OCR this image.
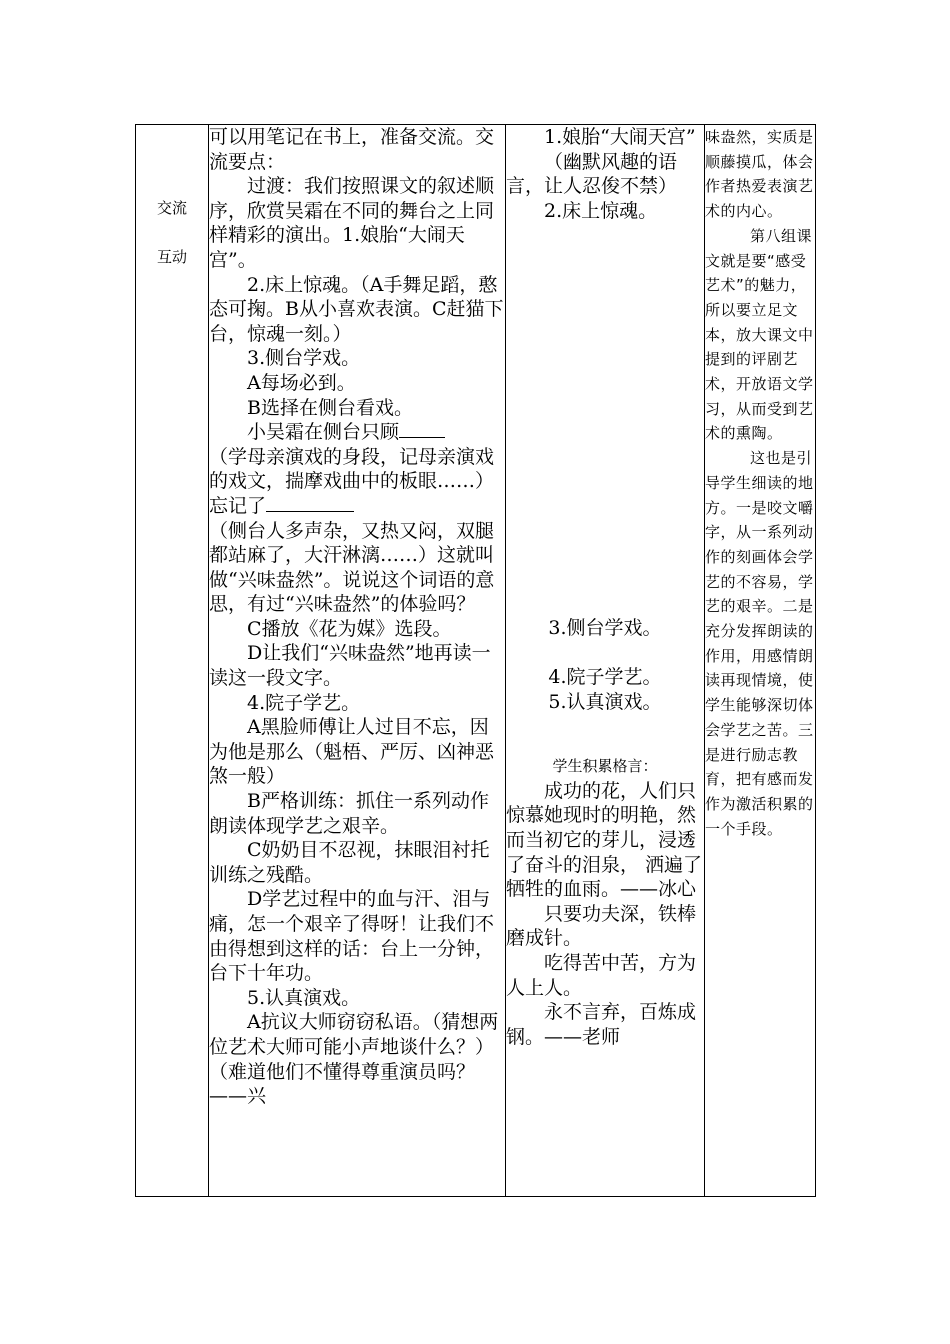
交流
互动

可以用笔记在书上，准备交流。交流要点：

过渡：我们按照课文的叙述顺序，欣赏吴霜在不同的舞台之上同样精彩的演出。1.娘胎“大闹天宫”。

2.床上惊魂。（A手舞足蹈，憨态可掬。B从小喜欢表演。C赶猫下台，惊魂一刻。）

3.侧台学戏。

A每场必到。

B选择在侧台看戏。

小吴霜在侧台只顾

（学母亲演戏的身段，记母亲演戏的戏文，揣摩戏曲中的板眼……）忘记了

（侧台人多声杂，又热又闷，双腿都站麻了，大汗淋漓……）这就叫做“兴味盎然”。说说这个词语的意思，有过“兴味盎然”的体验吗？

C播放《花为媒》选段。

D让我们“兴味盎然”地再读一读这一段文字。

4.院子学艺。

A黑脸师傅让人过目不忘，因为他是那么（魁梧、严厉、凶神恶煞一般）

B严格训练：抓住一系列动作朗读体现学艺之艰辛。

C奶奶目不忍视，抹眼泪衬托训练之残酷。

D学艺过程中的血与汗、泪与痛，怎一个艰辛了得呀！让我们不由得想到这样的话：台上一分钟，台下十年功。

5.认真演戏。

A抗议大师窃窃私语。（猜想两位艺术大师可能小声地谈什么？）（难道他们不懂得尊重演员吗？——兴

1.娘胎“大闹天宫”

（幽默风趣的语言，让人忍俊不禁）

2.床上惊魂。

3.侧台学戏。

4.院子学艺。

5.认真演戏。

学生积累格言：

成功的花，人们只惊慕她现时的明艳，然而当初它的芽儿，浸透了奋斗的泪泉， 洒遍了牺牲的血雨。——冰心

只要功夫深，铁棒磨成针。

吃得苦中苦，方为人上人。

永不言弃，百炼成钢。——老师

味盎然，实质是顺藤摸瓜，体会作者热爱表演艺术的内心。

第八组课文就是要“感受艺术”的魅力，所以要立足文本，放大课文中提到的评剧艺术，开放语文学习，从而受到艺术的熏陶。

这也是引导学生细读的地方。一是咬文嚼字，从一系列动作的刻画体会学艺的不容易，学艺的艰辛。二是充分发挥朗读的作用，用感情朗读再现情境，使学生能够深切体会学艺之苦。三是进行励志教育，把有感而发作为激活积累的一个手段。
